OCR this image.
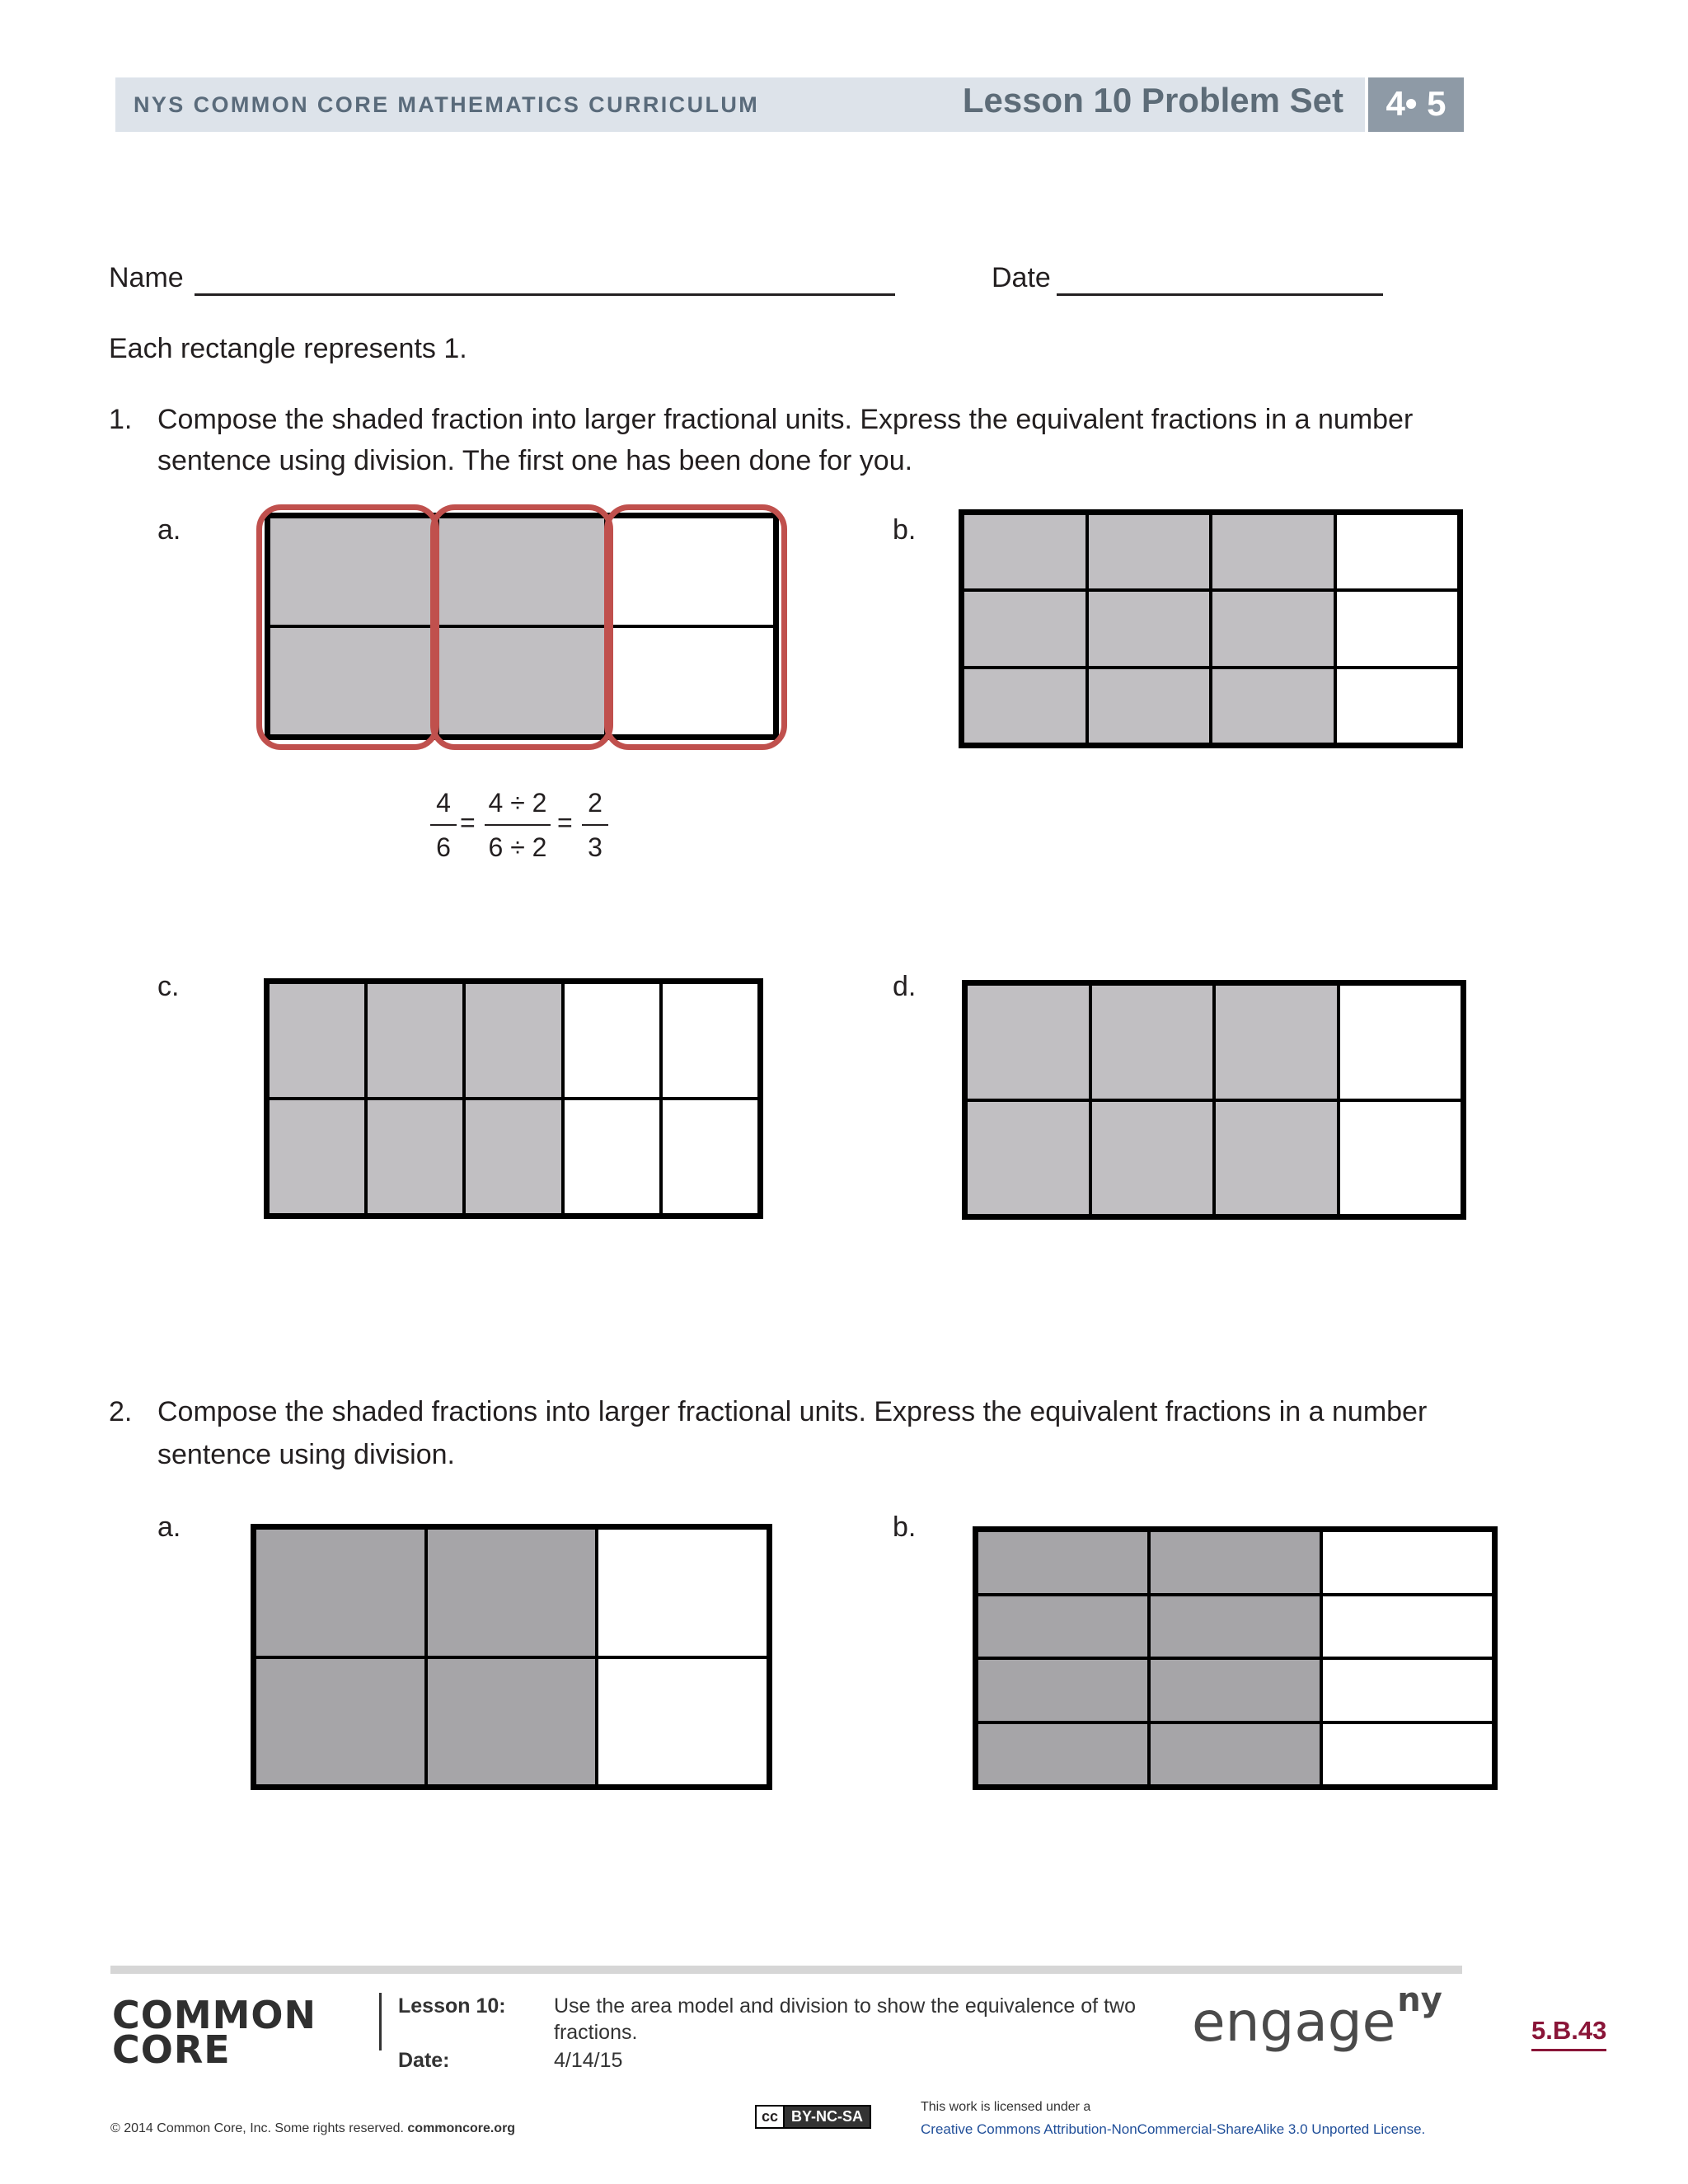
NYS COMMON CORE MATHEMATICS CURRICULUM	Lesson 10 Problem Set	4• 5
Name	Date
Each rectangle represents 1.
1. Compose the shaded fraction into larger fractional units. Express the equivalent fractions in a number
sentence using division. The first one has been done for you.
a.	b.
c.	d.
4
6
=
4 ÷ 2
6 ÷ 2
=
2
3
2. Compose the shaded fractions into larger fractional units. Express the equivalent fractions in a number
sentence using division.
a.	b.
COMMON
CORE
Lesson 10: Use the area model and division to show the equivalence of two
fractions.
Date:	4/14/15
engage$^{ny}$
5.B.43
© 2014 Common Core, Inc. Some rights reserved. commoncore.org
cc BY-NC-SA
This work is licensed under a
Creative Commons Attribution-NonCommercial-ShareAlike 3.0 Unported License.
